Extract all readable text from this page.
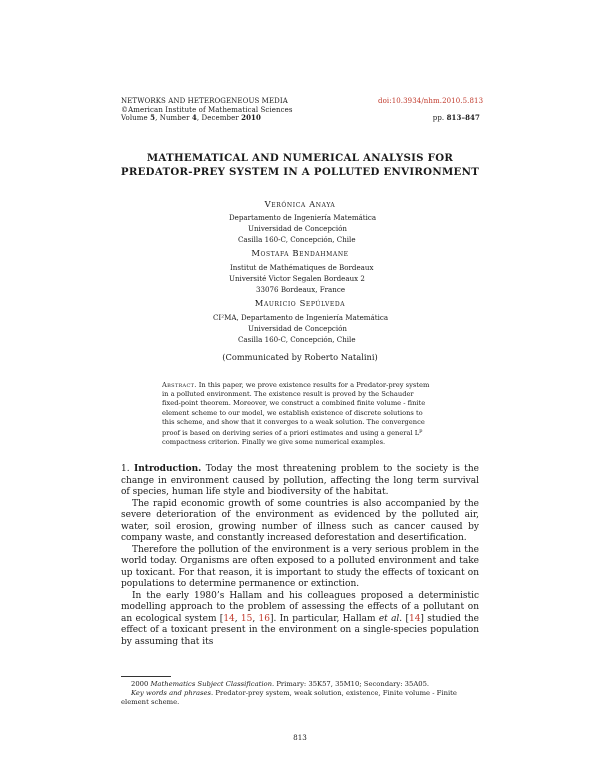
NETWORKS AND HETEROGENEOUS MEDIA
©American Institute of Mathematical Sciences
Volume 5, Number 4, December 2010
doi:10.3934/nhm.2010.5.813
pp. 813–847
MATHEMATICAL AND NUMERICAL ANALYSIS FOR
PREDATOR-PREY SYSTEM IN A POLLUTED ENVIRONMENT
Verónica Anaya
Departamento de Ingeniería Matemática
Universidad de Concepción
Casilla 160-C, Concepción, Chile
Mostafa Bendahmane
Institut de Mathématiques de Bordeaux
Université Victor Segalen Bordeaux 2
33076 Bordeaux, France
Mauricio Sepúlveda
CI²MA, Departamento de Ingeniería Matemática
Universidad de Concepción
Casilla 160-C, Concepción, Chile
(Communicated by Roberto Natalini)
Abstract. In this paper, we prove existence results for a Predator-prey system
in a polluted environment. The existence result is proved by the Schauder
fixed-point theorem. Moreover, we construct a combined finite volume - finite
element scheme to our model, we establish existence of discrete solutions to
this scheme, and show that it converges to a weak solution. The convergence
proof is based on deriving series of a priori estimates and using a general $L^p$
compactness criterion. Finally we give some numerical examples.

1. Introduction. Today the most threatening problem to the society is the change in environment caused by pollution, affecting the long term survival of species, human life style and biodiversity of the habitat.

The rapid economic growth of some countries is also accompanied by the severe deterioration of the environment as evidenced by the polluted air, water, soil erosion, growing number of illness such as cancer caused by company waste, and constantly increased deforestation and desertification.

Therefore the pollution of the environment is a very serious problem in the world today. Organisms are often exposed to a polluted environment and take up toxicant. For that reason, it is important to study the effects of toxicant on populations to determine permanence or extinction.

In the early 1980’s Hallam and his colleagues proposed a deterministic modelling approach to the problem of assessing the effects of a pollutant on an ecological system [14, 15, 16]. In particular, Hallam et al. [14] studied the effect of a toxicant present in the environment on a single-species population by assuming that its

2000 Mathematics Subject Classification. Primary: 35K57, 35M10; Secondary: 35A05.
Key words and phrases. Predator-prey system, weak solution, existence, Finite volume - Finite element scheme.
813
